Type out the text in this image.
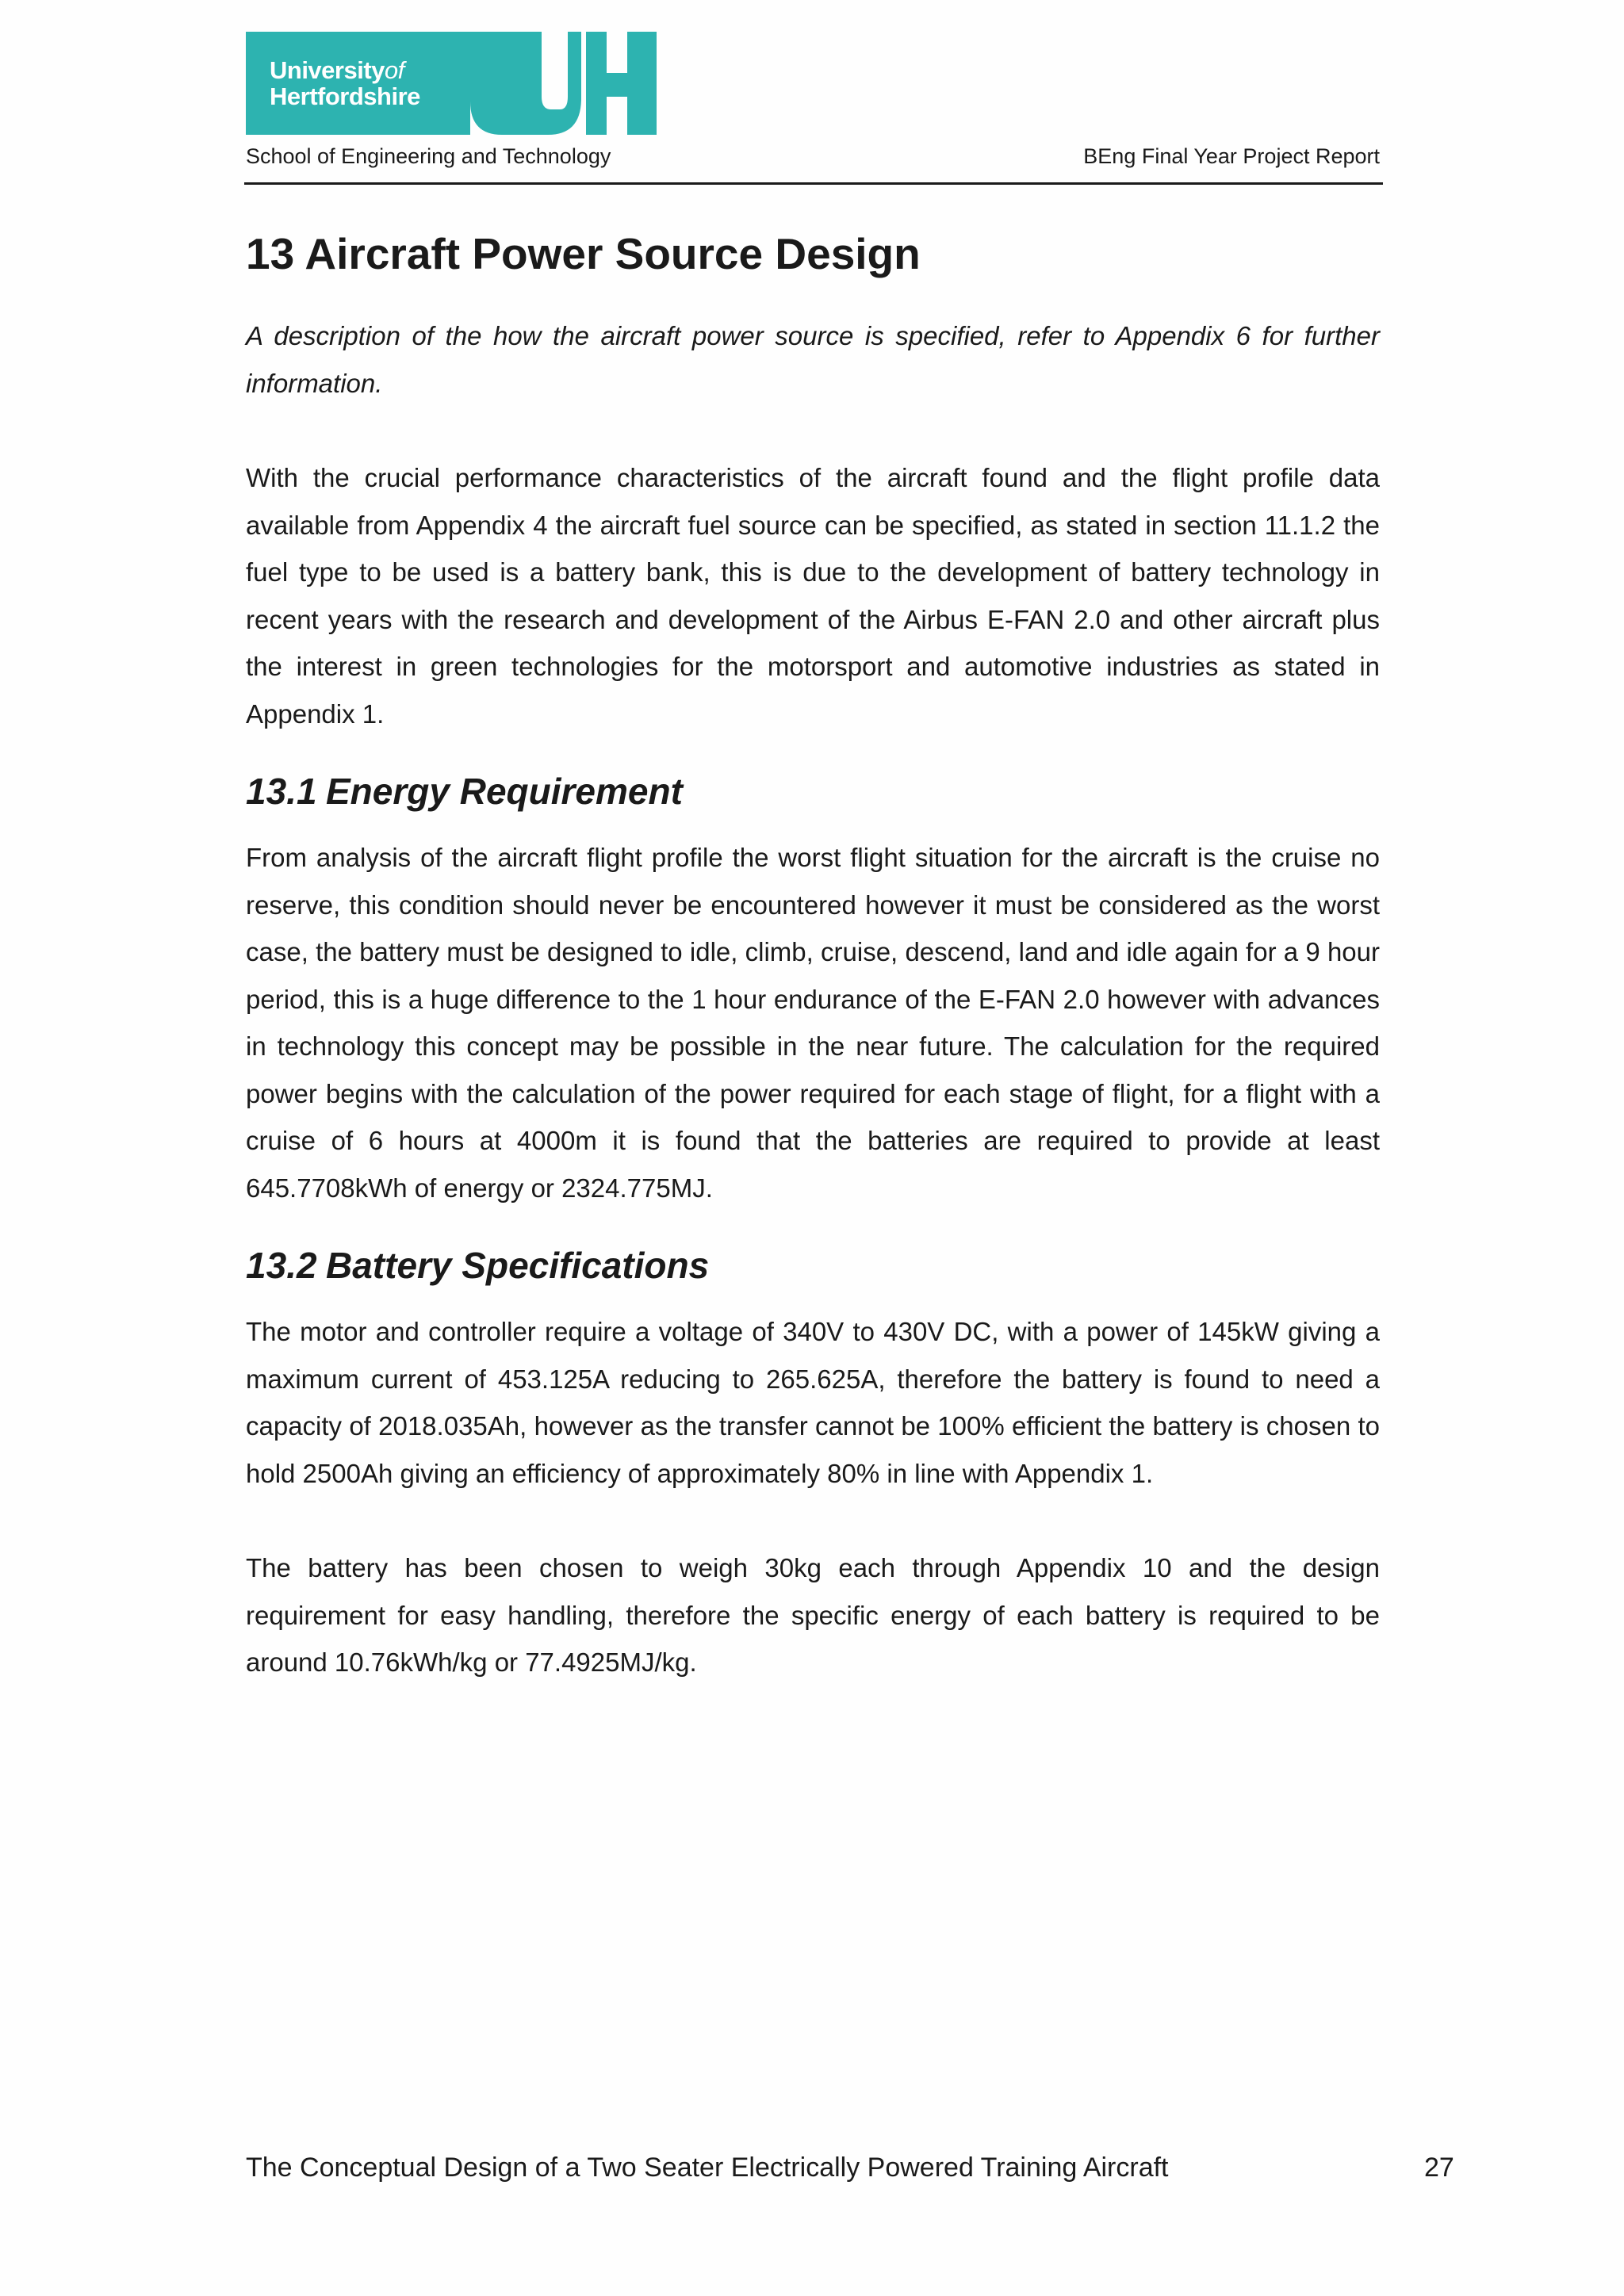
Universityof
Hertfordshire
School of Engineering and Technology	BEng Final Year Project Report
13 Aircraft Power Source Design

A description of the how the aircraft power source is specified, refer to Appendix 6 for further information.

With the crucial performance characteristics of the aircraft found and the flight profile data available from Appendix 4 the aircraft fuel source can be specified, as stated in section 11.1.2 the fuel type to be used is a battery bank, this is due to the development of battery technology in recent years with the research and development of the Airbus E-FAN 2.0 and other aircraft plus the interest in green technologies for the motorsport and automotive industries as stated in Appendix 1.

13.1 Energy Requirement

From analysis of the aircraft flight profile the worst flight situation for the aircraft is the cruise no reserve, this condition should never be encountered however it must be considered as the worst case, the battery must be designed to idle, climb, cruise, descend, land and idle again for a 9 hour period, this is a huge difference to the 1 hour endurance of the E-FAN 2.0 however with advances in technology this concept may be possible in the near future. The calculation for the required power begins with the calculation of the power required for each stage of flight, for a flight with a cruise of 6 hours at 4000m it is found that the batteries are required to provide at least 645.7708kWh of energy or 2324.775MJ.

13.2 Battery Specifications

The motor and controller require a voltage of 340V to 430V DC, with a power of 145kW giving a maximum current of 453.125A reducing to 265.625A, therefore the battery is found to need a capacity of 2018.035Ah, however as the transfer cannot be 100% efficient the battery is chosen to hold 2500Ah giving an efficiency of approximately 80% in line with Appendix 1.

The battery has been chosen to weigh 30kg each through Appendix 10 and the design requirement for easy handling, therefore the specific energy of each battery is required to be around 10.76kWh/kg or 77.4925MJ/kg.

The Conceptual Design of a Two Seater Electrically Powered Training Aircraft	27
